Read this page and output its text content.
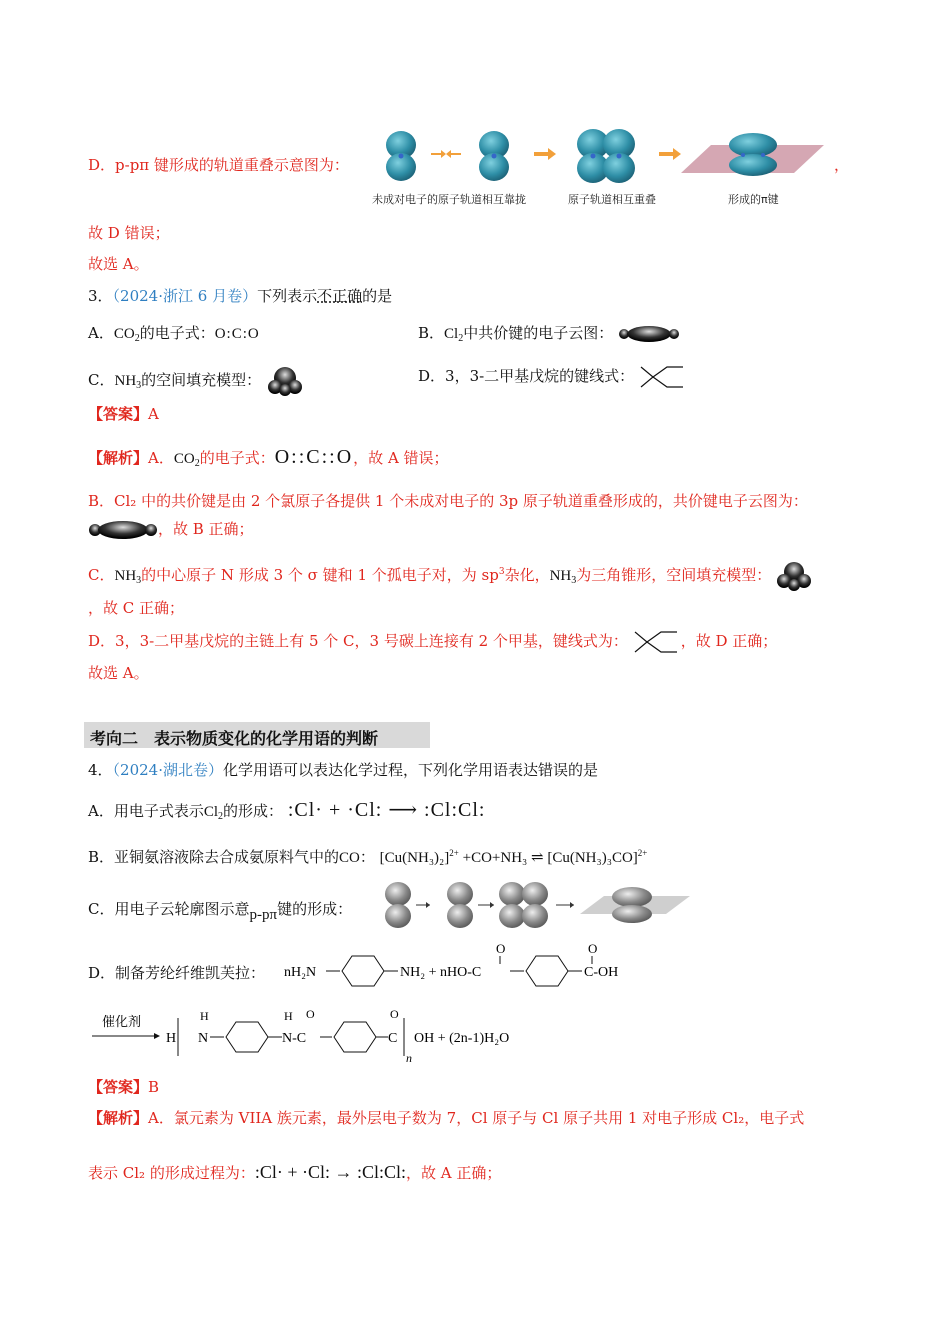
D．p-pπ 键形成的轨道重叠示意图为：	，
未成对电子的原子轨道相互靠拢	原子轨道相互重叠	形成的π键
故 D 错误；
故选 A。
3．（2024·浙江 6 月卷）下列表示不正确的是
A．$CO_2$的电子式：O:C:O	B．$Cl_2$中共价键的电子云图：
C．$NH_3$的空间填充模型：	D．3，3-二甲基戊烷的键线式：
【答案】A
【解析】A．$CO_2$的电子式：O::C::O，故 A 错误；
B．Cl₂ 中的共价键是由 2 个氯原子各提供 1 个未成对电子的 3p 原子轨道重叠形成的，共价键电子云图为：
，故 B 正确；
C．$NH_3$的中心原子 N 形成 3 个 σ 键和 1 个孤电子对，为 $sp^3$杂化，$NH_3$为三角锥形，空间填充模型：
，故 C 正确；
D．3，3-二甲基戊烷的主链上有 5 个 C，3 号碳上连接有 2 个甲基，键线式为：	，故 D 正确；
故选 A。
考向二　表示物质变化的化学用语的判断
4．（2024·湖北卷）化学用语可以表达化学过程，下列化学用语表达错误的是
A．用电子式表示$Cl_2$的形成： :Cl· + ·Cl: ⟶ :Cl:Cl:
B．亚铜氨溶液除去合成氨原料气中的CO： $[Cu(NH_3)_2]^{2+} +CO+NH_3$ ⇌ $[Cu(NH_3)_3CO]^{2+}$
C．用电子云轮廓图示意p-pπ键的形成：
D．制备芳纶纤维凯芙拉： nH₂N	NH₂ + nHO-C
O
C-OH
O
催化剂
H
H
N
H
N-C
O
C
O
n
OH + (2n-1)H₂O
【答案】B
【解析】A．氯元素为 VIIA 族元素，最外层电子数为 7，Cl 原子与 Cl 原子共用 1 对电子形成 Cl₂，电子式
表示 Cl₂ 的形成过程为：:Cl· + ·Cl: → :Cl:Cl:，故 A 正确；
